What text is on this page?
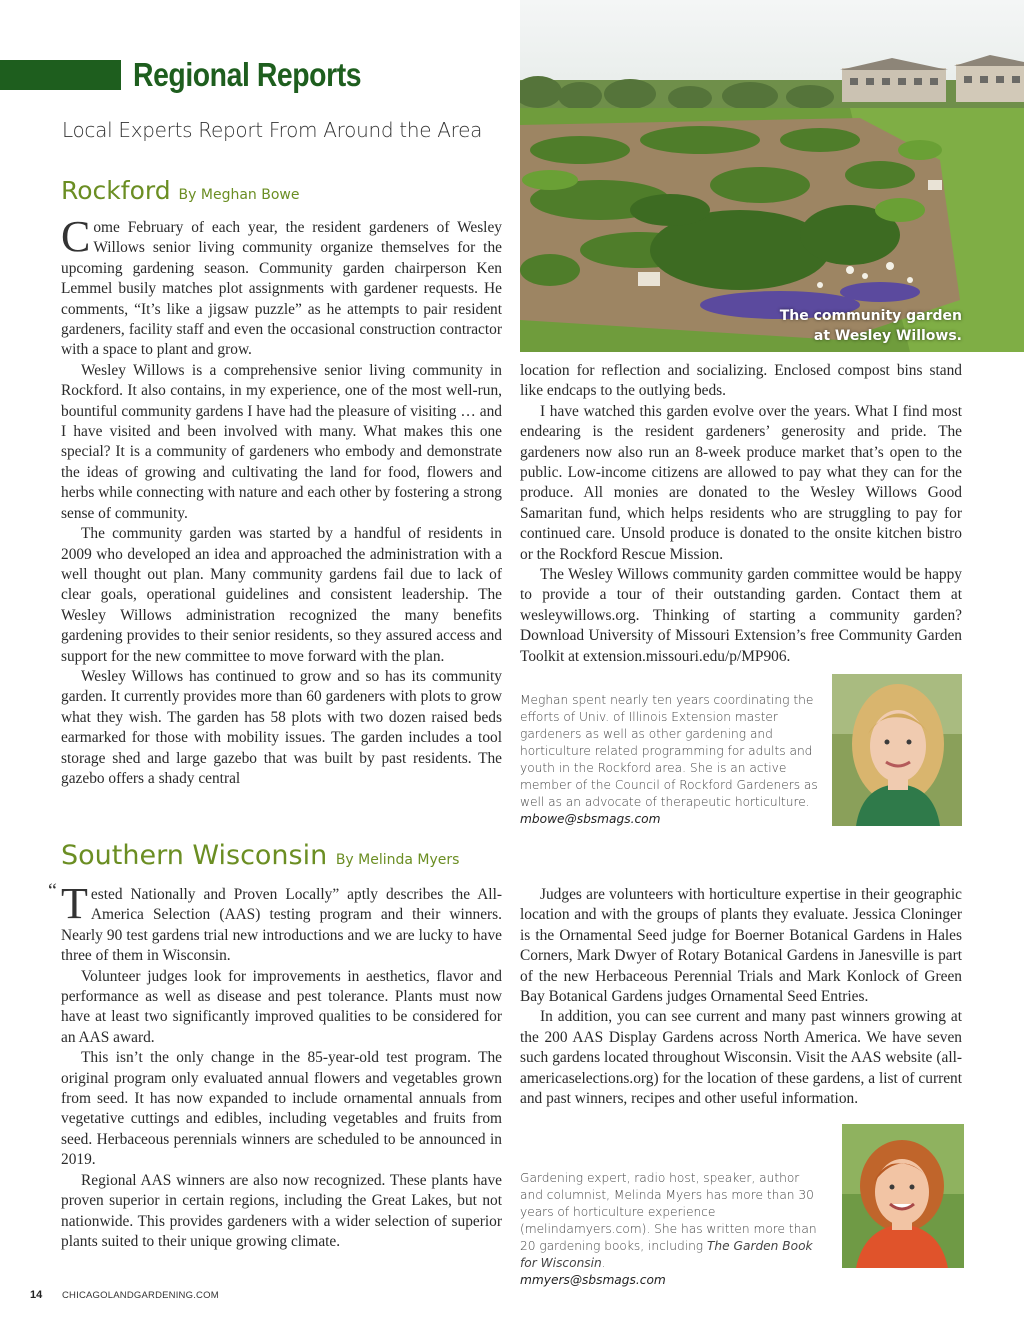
Regional Reports
Local Experts Report From Around the Area
The community garden
at Wesley Willows.
Rockford By Meghan Bowe

Come February of each year, the resident gardeners of Wesley Willows senior living community organize themselves for the upcoming gardening season. Community garden chairperson Ken Lemmel busily matches plot assignments with gardener requests. He comments, “It’s like a jigsaw puzzle” as he attempts to pair resident gardeners, facility staff and even the occasional construction contractor with a space to plant and grow.

Wesley Willows is a comprehensive senior living community in Rockford. It also contains, in my experience, one of the most well-run, bountiful community gardens I have had the pleasure of visiting … and I have visited and been involved with many. What makes this one special? It is a community of gardeners who embody and demonstrate the ideas of growing and cultivating the land for food, flowers and herbs while connecting with nature and each other by fostering a strong sense of community.

The community garden was started by a handful of residents in 2009 who developed an idea and approached the administration with a well thought out plan. Many community gardens fail due to lack of clear goals, operational guidelines and consistent leadership. The Wesley Willows administration recognized the many benefits gardening provides to their senior residents, so they assured access and support for the new committee to move forward with the plan.

Wesley Willows has continued to grow and so has its community garden. It currently provides more than 60 gardeners with plots to grow what they wish. The garden has 58 plots with two dozen raised beds earmarked for those with mobility issues. The garden includes a tool storage shed and large gazebo that was built by past residents. The gazebo offers a shady central

location for reflection and socializing. Enclosed compost bins stand like endcaps to the outlying beds.

I have watched this garden evolve over the years. What I find most endearing is the resident gardeners’ generosity and pride. The gardeners now also run an 8-week produce market that’s open to the public. Low-income citizens are allowed to pay what they can for the produce. All monies are donated to the Wesley Willows Good Samaritan fund, which helps residents who are struggling to pay for continued care. Unsold produce is donated to the onsite kitchen bistro or the Rockford Rescue Mission.

The Wesley Willows community garden committee would be happy to provide a tour of their outstanding garden. Contact them at wesleywillows.org. Thinking of starting a community garden? Download University of Missouri Extension’s free Community Garden Toolkit at extension.missouri.edu/p/MP906.

Meghan spent nearly ten years coordinating the efforts of Univ. of Illinois Extension master gardeners as well as other gardening and horticulture related programming for adults and youth in the Rockford area. She is an active member of the Council of Rockford Gardeners as well as an advocate of therapeutic horticulture.
mbowe@sbsmags.com
Southern Wisconsin By Melinda Myers
“ Tested Nationally and Proven Locally” aptly describes the All-America Selection (AAS) testing program and their winners. Nearly 90 test gardens trial new introductions and we are lucky to have three of them in Wisconsin.

Volunteer judges look for improvements in aesthetics, flavor and performance as well as disease and pest tolerance. Plants must now have at least two significantly improved qualities to be considered for an AAS award.

This isn’t the only change in the 85-year-old test program. The original program only evaluated annual flowers and vegetables grown from seed. It has now expanded to include ornamental annuals from vegetative cuttings and edibles, including vegetables and fruits from seed. Herbaceous perennials winners are scheduled to be announced in 2019.

Regional AAS winners are also now recognized. These plants have proven superior in certain regions, including the Great Lakes, but not nationwide. This provides gardeners with a wider selection of superior plants suited to their unique growing climate.

Judges are volunteers with horticulture expertise in their geographic location and with the groups of plants they evaluate. Jessica Cloninger is the Ornamental Seed judge for Boerner Botanical Gardens in Hales Corners, Mark Dwyer of Rotary Botanical Gardens in Janesville is part of the new Herbaceous Perennial Trials and Mark Konlock of Green Bay Botanical Gardens judges Ornamental Seed Entries.

In addition, you can see current and many past winners growing at the 200 AAS Display Gardens across North America. We have seven such gardens located throughout Wisconsin. Visit the AAS website (all-americaselections.org) for the location of these gardens, a list of current and past winners, recipes and other useful information.

Gardening expert, radio host, speaker, author and columnist, Melinda Myers has more than 30 years of horticulture experience (melindamyers.com). She has written more than 20 gardening books, including The Garden Book for Wisconsin.
mmyers@sbsmags.com
14 CHICAGOLANDGARDENING.COM
